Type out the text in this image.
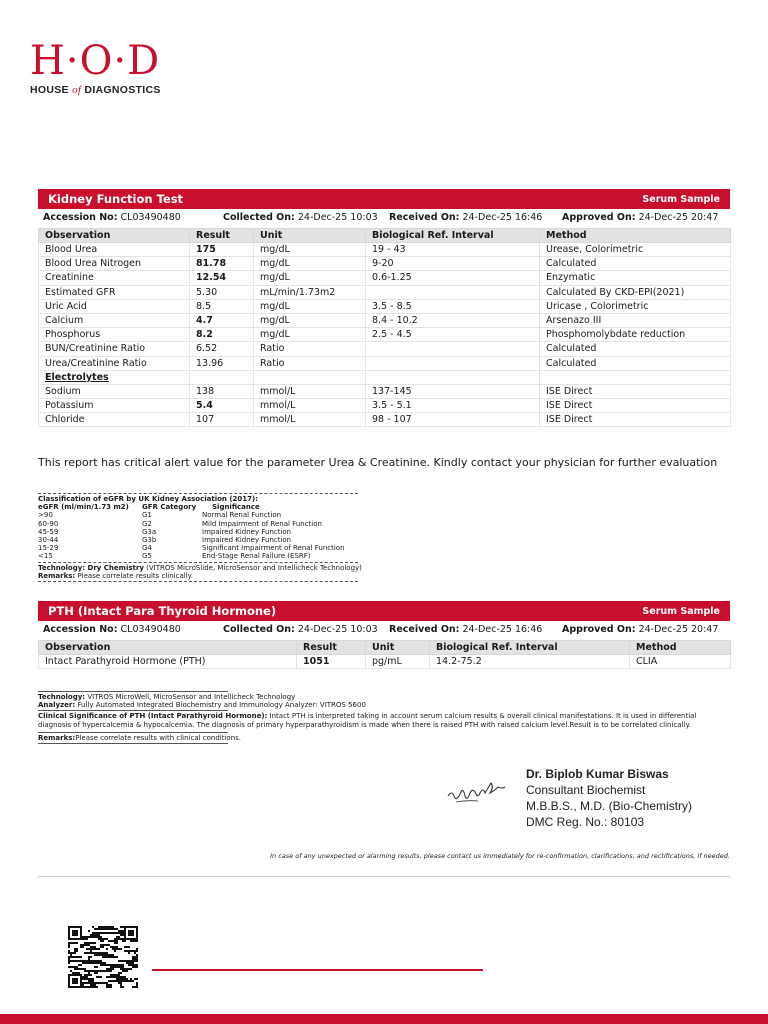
H·O·D
HOUSE of DIAGNOSTICS
Kidney Function Test	Serum Sample
Accession No: CL03490480	Collected On: 24-Dec-25 10:03 Received On: 24-Dec-25 16:46 Approved On: 24-Dec-25 20:47
Observation	Result	Unit	Biological Ref. Interval	Method
Blood Urea	175	mg/dL	19 - 43	Urease, Colorimetric
Blood Urea Nitrogen	81.78	mg/dL	9-20	Calculated
Creatinine	12.54	mg/dL	0.6-1.25	Enzymatic
Estimated GFR	5.30	mL/min/1.73m2		Calculated By CKD-EPI(2021)
Uric Acid	8.5	mg/dL	3.5 - 8.5	Uricase , Colorimetric
Calcium	4.7	mg/dL	8.4 - 10.2	Arsenazo III
Phosphorus	8.2	mg/dL	2.5 - 4.5	Phosphomolybdate reduction
BUN/Creatinine Ratio	6.52	Ratio		Calculated
Urea/Creatinine Ratio	13.96	Ratio		Calculated
Electrolytes				
Sodium	138	mmol/L	137-145	ISE Direct
Potassium	5.4	mmol/L	3.5 - 5.1	ISE Direct
Chloride	107	mmol/L	98 - 107	ISE Direct
This report has critical alert value for the parameter Urea & Creatinine. Kindly contact your physician for further evaluation
Classification of eGFR by UK Kidney Association (2017):
eGFR (ml/min/1.73 m2)	GFR Category	Significance
>90	G1	Normal Renal Function
60-90	G2	Mild Impairment of Renal Function
45-59	G3a	Impaired Kidney Function
30-44	G3b	Impaired Kidney Function
15-29	G4	Significant Impairment of Renal Function
<15	G5	End-Stage Renal Failure (ESRF)
Technology: Dry Chemistry (VITROS MicroSlide, MicroSensor and Intellicheck Technology)
Remarks: Please correlate results clinically.
PTH (Intact Para Thyroid Hormone)	Serum Sample
Accession No: CL03490480	Collected On: 24-Dec-25 10:03 Received On: 24-Dec-25 16:46 Approved On: 24-Dec-25 20:47
Observation	Result	Unit	Biological Ref. Interval	Method
Intact Parathyroid Hormone (PTH)	1051	pg/mL	14.2-75.2	CLIA
Technology: VITROS MicroWell, MicroSensor and Intellicheck Technology
Analyzer: Fully Automated Integrated Biochemistry and Immunology Analyzer: VITROS 5600
Clinical Significance of PTH (Intact Parathyroid Hormone): Intact PTH is interpreted taking in account serum calcium results & overall clinical manifestations. It is used in differential diagnosis of hypercalcemia & hypocalcemia. The diagnosis of primary hyperparathyroidism is made when there is raised PTH with raised calcium level.Result is to be correlated clinically.
Remarks:Please correlate results with clinical conditions.
Dr. Biplob Kumar Biswas
Consultant Biochemist
M.B.B.S., M.D. (Bio-Chemistry)
DMC Reg. No.: 80103
In case of any unexpected or alarming results, please contact us immediately for re-confirmation, clarifications, and rectifications, if needed.
